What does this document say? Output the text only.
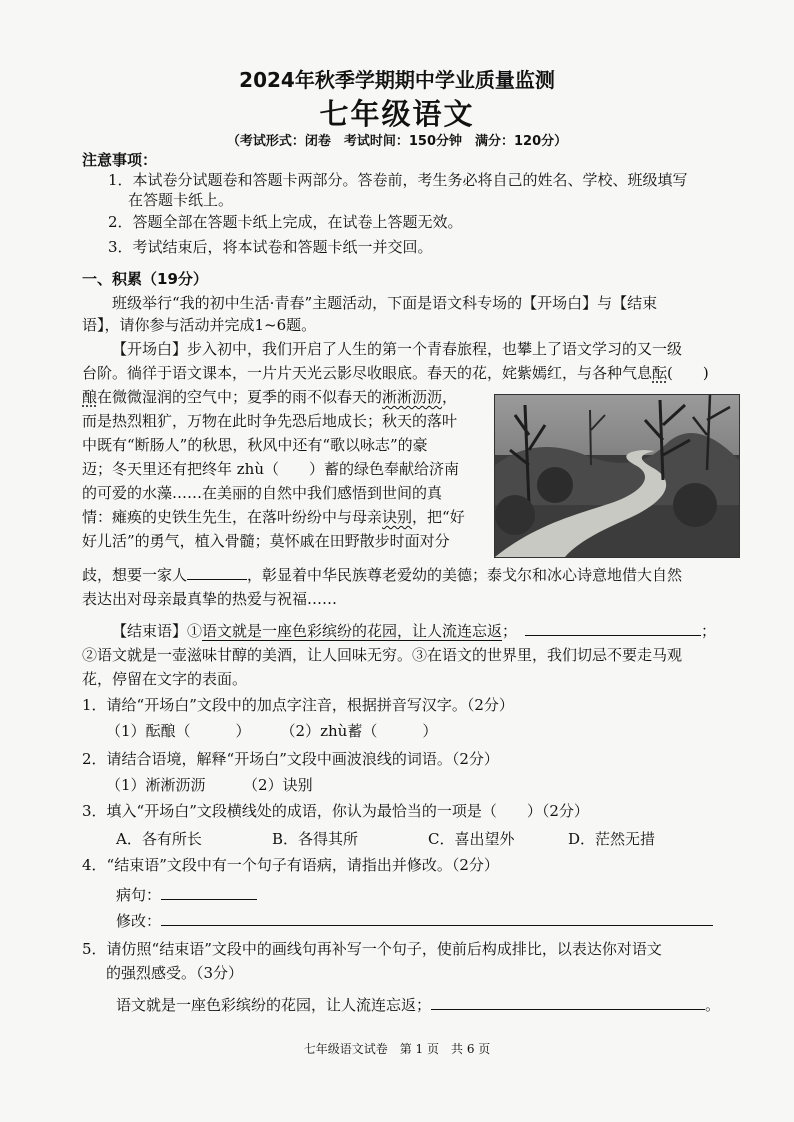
2024年秋季学期期中学业质量监测
七年级语文
（考试形式：闭卷　考试时间：150分钟　满分：120分）
注意事项：
1．本试卷分试题卷和答题卡两部分。答卷前，考生务必将自己的姓名、学校、班级填写
在答题卡纸上。
2．答题全部在答题卡纸上完成，在试卷上答题无效。
3．考试结束后，将本试卷和答题卡纸一并交回。
一、积累（19分）
班级举行“我的初中生活·青春”主题活动，下面是语文科专场的【开场白】与【结束
语】，请你参与活动并完成1~6题。
【开场白】步入初中，我们开启了人生的第一个青春旅程，也攀上了语文学习的又一级
台阶。徜徉于语文课本，一片片天光云影尽收眼底。春天的花，姹紫嫣红，与各种气息酝(　　)
酿在微微湿润的空气中；夏季的雨不似春天的淅淅沥沥，
而是热烈粗犷，万物在此时争先恐后地成长；秋天的落叶
中既有“断肠人”的秋思，秋风中还有“歌以咏志”的豪
迈；冬天里还有把终年 zhù（　　）蓄的绿色奉献给济南
的可爱的水藻……在美丽的自然中我们感悟到世间的真
情：瘫痪的史铁生先生，在落叶纷纷中与母亲诀别，把“好
好儿活”的勇气，植入骨髓；莫怀戚在田野散步时面对分
歧，想要一家人	，彰显着中华民族尊老爱幼的美德；泰戈尔和冰心诗意地借大自然
表达出对母亲最真挚的热爱与祝福……
【结束语】①语文就是一座色彩缤纷的花园，让人流连忘返；	；
②语文就是一壶滋味甘醇的美酒，让人回味无穷。③在语文的世界里，我们切忌不要走马观
花，停留在文字的表面。
1．请给“开场白”文段中的加点字注音，根据拼音写汉字。（2分）
（1）酝酿（　　　）　　　（2）zhù蓄（　　　）
2．请结合语境，解释“开场白”文段中画波浪线的词语。（2分）
（1）淅淅沥沥　　　（2）诀别
3．填入“开场白”文段横线处的成语，你认为最恰当的一项是（　　）（2分）
A．各有所长	B．各得其所	C．喜出望外	D．茫然无措
4．“结束语”文段中有一个句子有语病，请指出并修改。（2分）
病句：
修改：
5．请仿照“结束语”文段中的画线句再补写一个句子，使前后构成排比，以表达你对语文
的强烈感受。（3分）
语文就是一座色彩缤纷的花园，让人流连忘返；	。
七年级语文试卷　第 1 页　共 6 页
